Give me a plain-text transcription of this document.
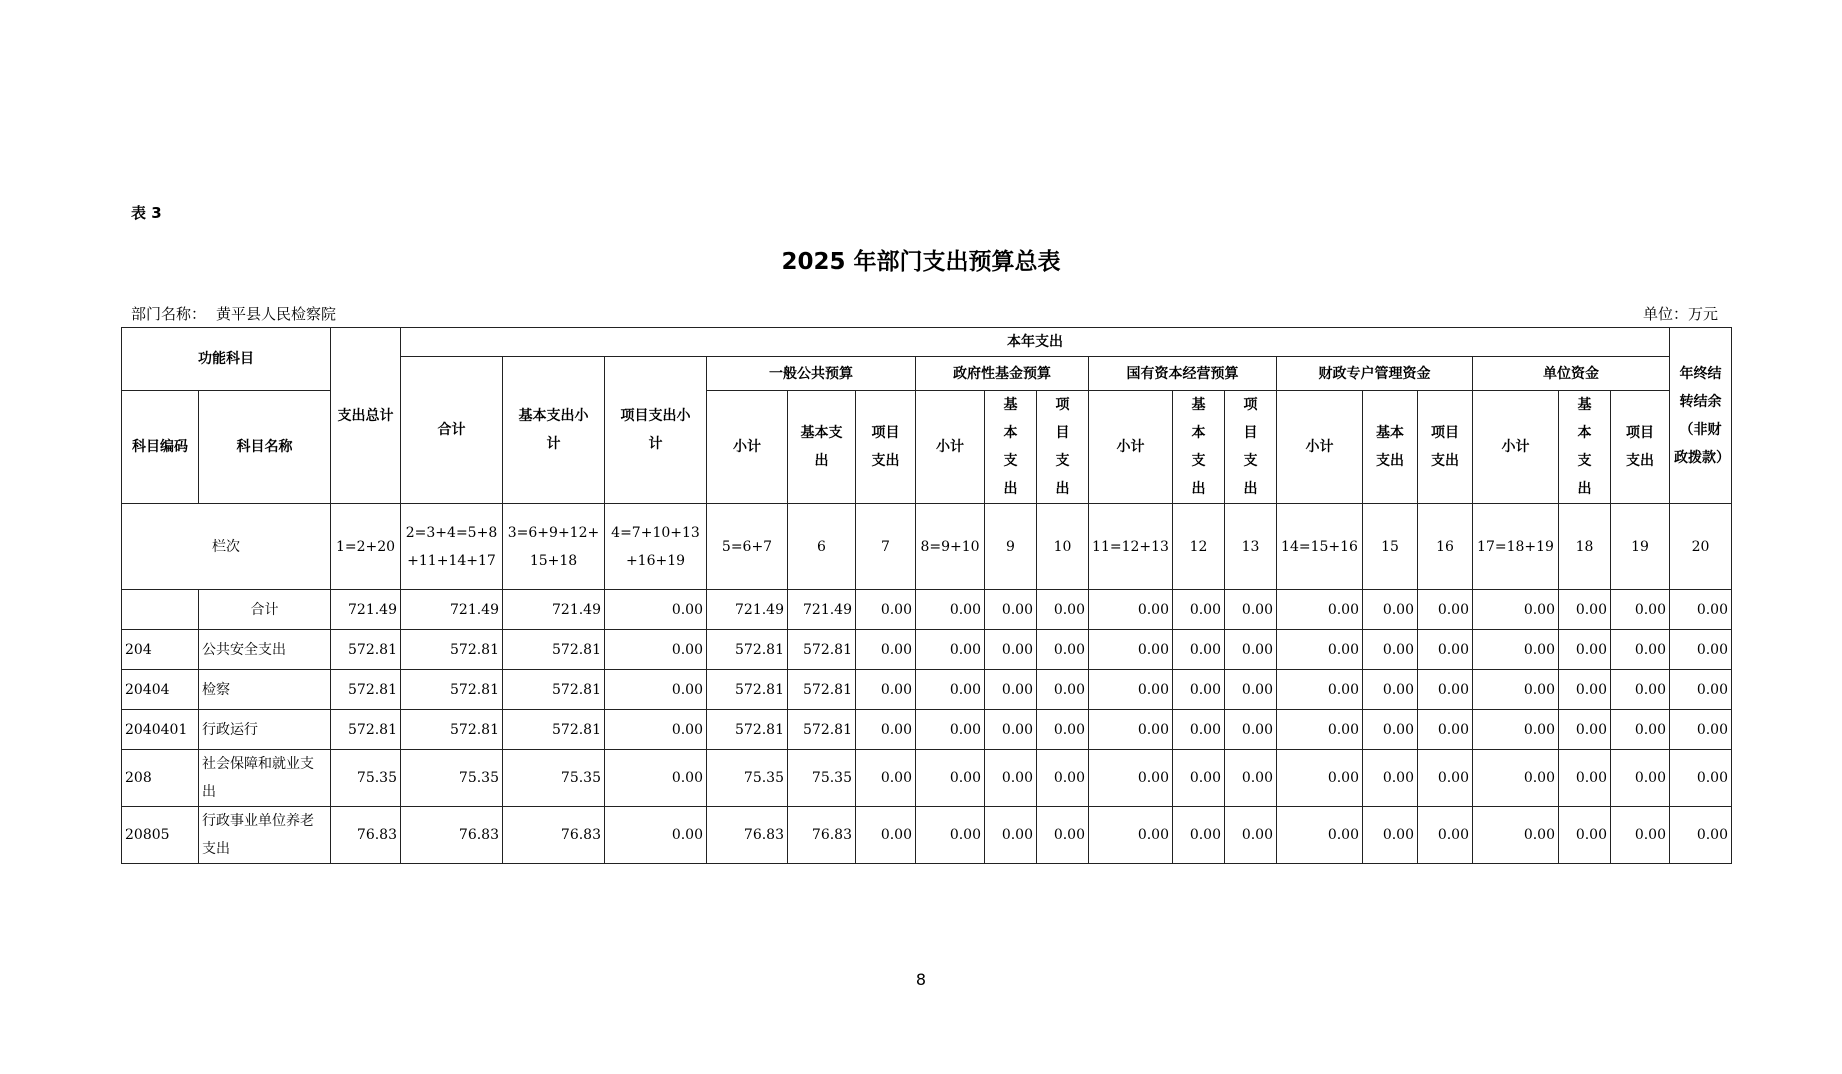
表 3
2025 年部门支出预算总表
部门名称： 黄平县人民检察院	单位：万元
功能科目		支出总计	本年支出																		年终结转结余（非财政拨款）
			合计	基本支出小计	项目支出小计	一般公共预算			政府性基金预算			国有资本经营预算			财政专户管理资金			单位资金			
科目编码	科目名称					小计	基本支出	项目支出	小计	基本支出	项目支出	小计	基本支出	项目支出	小计	基本支出	项目支出	小计	基本支出	项目支出	
栏次		1=2+20	2=3+4=5+8+11+14+17	3=6+9+12+15+18	4=7+10+13+16+19	5=6+7	6	7	8=9+10	9	10	11=12+13	12	13	14=15+16	15	16	17=18+19	18	19	20
	合计	721.49	721.49	721.49	0.00	721.49	721.49	0.00	0.00	0.00	0.00	0.00	0.00	0.00	0.00	0.00	0.00	0.00	0.00	0.00	0.00
204	公共安全支出	572.81	572.81	572.81	0.00	572.81	572.81	0.00	0.00	0.00	0.00	0.00	0.00	0.00	0.00	0.00	0.00	0.00	0.00	0.00	0.00
20404	检察	572.81	572.81	572.81	0.00	572.81	572.81	0.00	0.00	0.00	0.00	0.00	0.00	0.00	0.00	0.00	0.00	0.00	0.00	0.00	0.00
2040401	行政运行	572.81	572.81	572.81	0.00	572.81	572.81	0.00	0.00	0.00	0.00	0.00	0.00	0.00	0.00	0.00	0.00	0.00	0.00	0.00	0.00
208	社会保障和就业支出	75.35	75.35	75.35	0.00	75.35	75.35	0.00	0.00	0.00	0.00	0.00	0.00	0.00	0.00	0.00	0.00	0.00	0.00	0.00	0.00
20805	行政事业单位养老支出	76.83	76.83	76.83	0.00	76.83	76.83	0.00	0.00	0.00	0.00	0.00	0.00	0.00	0.00	0.00	0.00	0.00	0.00	0.00	0.00
8
